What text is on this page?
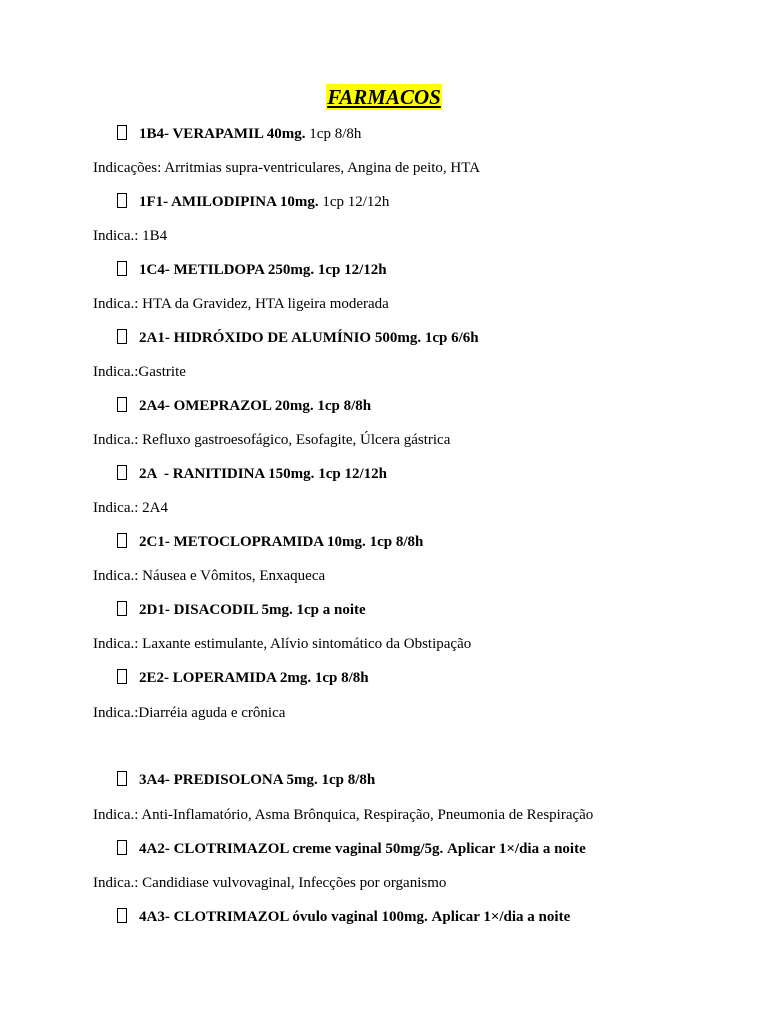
FARMACOS
1B4- VERAPAMIL 40mg. 1cp 8/8h
Indicações: Arritmias supra-ventriculares, Angina de peito, HTA
1F1- AMILODIPINA 10mg. 1cp 12/12h
Indica.: 1B4
1C4- METILDOPA 250mg. 1cp 12/12h
Indica.: HTA da Gravidez, HTA ligeira moderada
2A1- HIDRÓXIDO DE ALUMÍNIO 500mg. 1cp 6/6h
Indica.:Gastrite
2A4- OMEPRAZOL 20mg. 1cp 8/8h
Indica.: Refluxo gastroesofágico, Esofagite, Úlcera gástrica
2A  - RANITIDINA 150mg. 1cp 12/12h
Indica.: 2A4
2C1- METOCLOPRAMIDA 10mg. 1cp 8/8h
Indica.: Náusea e Vômitos, Enxaqueca
2D1- DISACODIL 5mg. 1cp a noite
Indica.: Laxante estimulante, Alívio sintomático da Obstipação
2E2- LOPERAMIDA 2mg. 1cp 8/8h
Indica.:Diarréia aguda e crônica
3A4- PREDISOLONA 5mg. 1cp 8/8h
Indica.: Anti-Inflamatório, Asma Brônquica, Respiração, Pneumonia de Respiração
4A2- CLOTRIMAZOL creme vaginal 50mg/5g. Aplicar 1×/dia a noite
Indica.: Candidiase vulvovaginal, Infecções por organismo
4A3- CLOTRIMAZOL óvulo vaginal 100mg. Aplicar 1×/dia a noite
